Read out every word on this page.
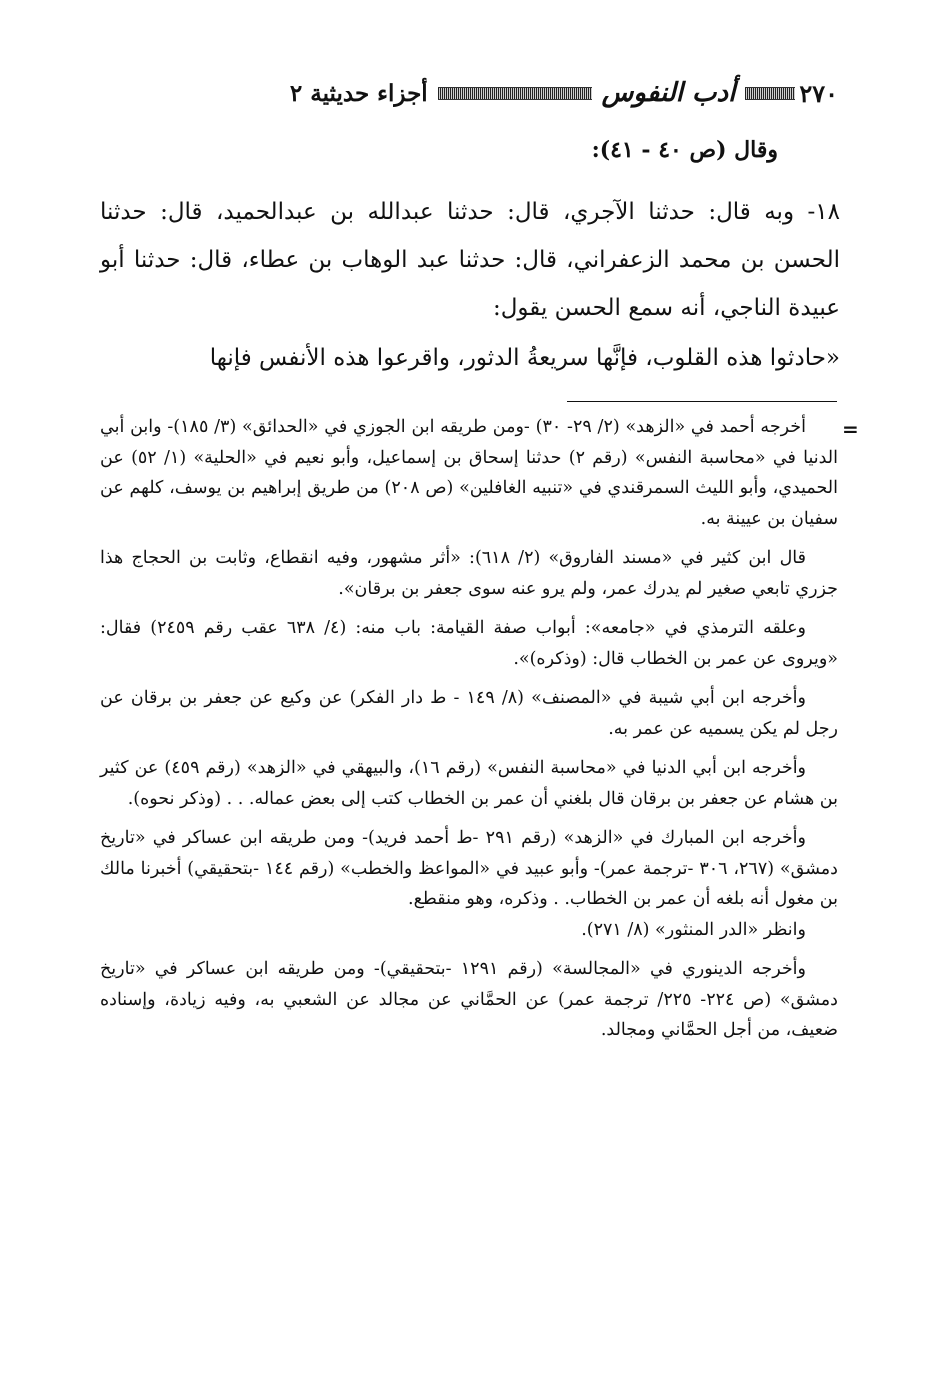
٢٧٠
أدب النفوس
أجزاء حديثية ٢
وقال (ص ٤٠ - ٤١):
١٨- وبه قال: حدثنا الآجري، قال: حدثنا عبدالله بن عبدالحميد، قال: حدثنا الحسن بن محمد الزعفراني، قال: حدثنا عبد الوهاب بن عطاء، قال: حدثنا أبو عبيدة الناجي، أنه سمع الحسن يقول:
«حادثوا هذه القلوب، فإنَّها سريعةُ الدثور، واقرعوا هذه الأنفس فإنها
=

أخرجه أحمد في «الزهد» (٢/ ٢٩- ٣٠) -ومن طريقه ابن الجوزي في «الحدائق» (٣/ ١٨٥)- وابن أبي الدنيا في «محاسبة النفس» (رقم ٢) حدثنا إسحاق بن إسماعيل، وأبو نعيم في «الحلية» (١/ ٥٢) عن الحميدي، وأبو الليث السمرقندي في «تنبيه الغافلين» (ص ٢٠٨) من طريق إبراهيم بن يوسف، كلهم عن سفيان بن عيينة به.

قال ابن كثير في «مسند الفاروق» (٢/ ٦١٨): «أثر مشهور، وفيه انقطاع، وثابت بن الحجاج هذا جزري تابعي صغير لم يدرك عمر، ولم يرو عنه سوى جعفر بن برقان».

وعلقه الترمذي في «جامعه»: أبواب صفة القيامة: باب منه: (٤/ ٦٣٨ عقب رقم ٢٤٥٩) فقال: «ويروى عن عمر بن الخطاب قال: (وذكره)».

وأخرجه ابن أبي شيبة في «المصنف» (٨/ ١٤٩ - ط دار الفكر) عن وكيع عن جعفر بن برقان عن رجل لم يكن يسميه عن عمر به.

وأخرجه ابن أبي الدنيا في «محاسبة النفس» (رقم ١٦)، والبيهقي في «الزهد» (رقم ٤٥٩) عن كثير بن هشام عن جعفر بن برقان قال بلغني أن عمر بن الخطاب كتب إلى بعض عماله. . . (وذكر نحوه).

وأخرجه ابن المبارك في «الزهد» (رقم ٢٩١ -ط أحمد فريد)- ومن طريقه ابن عساكر في «تاريخ دمشق» (٢٦٧، ٣٠٦ -ترجمة عمر)- وأبو عبيد في «المواعظ والخطب» (رقم ١٤٤ -بتحقيقي) أخبرنا مالك بن مغول أنه بلغه أن عمر بن الخطاب. . وذكره، وهو منقطع.

وانظر «الدر المنثور» (٨/ ٢٧١).

وأخرجه الدينوري في «المجالسة» (رقم ١٢٩١ -بتحقيقي)- ومن طريقه ابن عساكر في «تاريخ دمشق» (ص ٢٢٤- ٢٢٥/ ترجمة عمر) عن الحمَّاني عن مجالد عن الشعبي به، وفيه زيادة، وإسناده ضعيف، من أجل الحمَّاني ومجالد.
